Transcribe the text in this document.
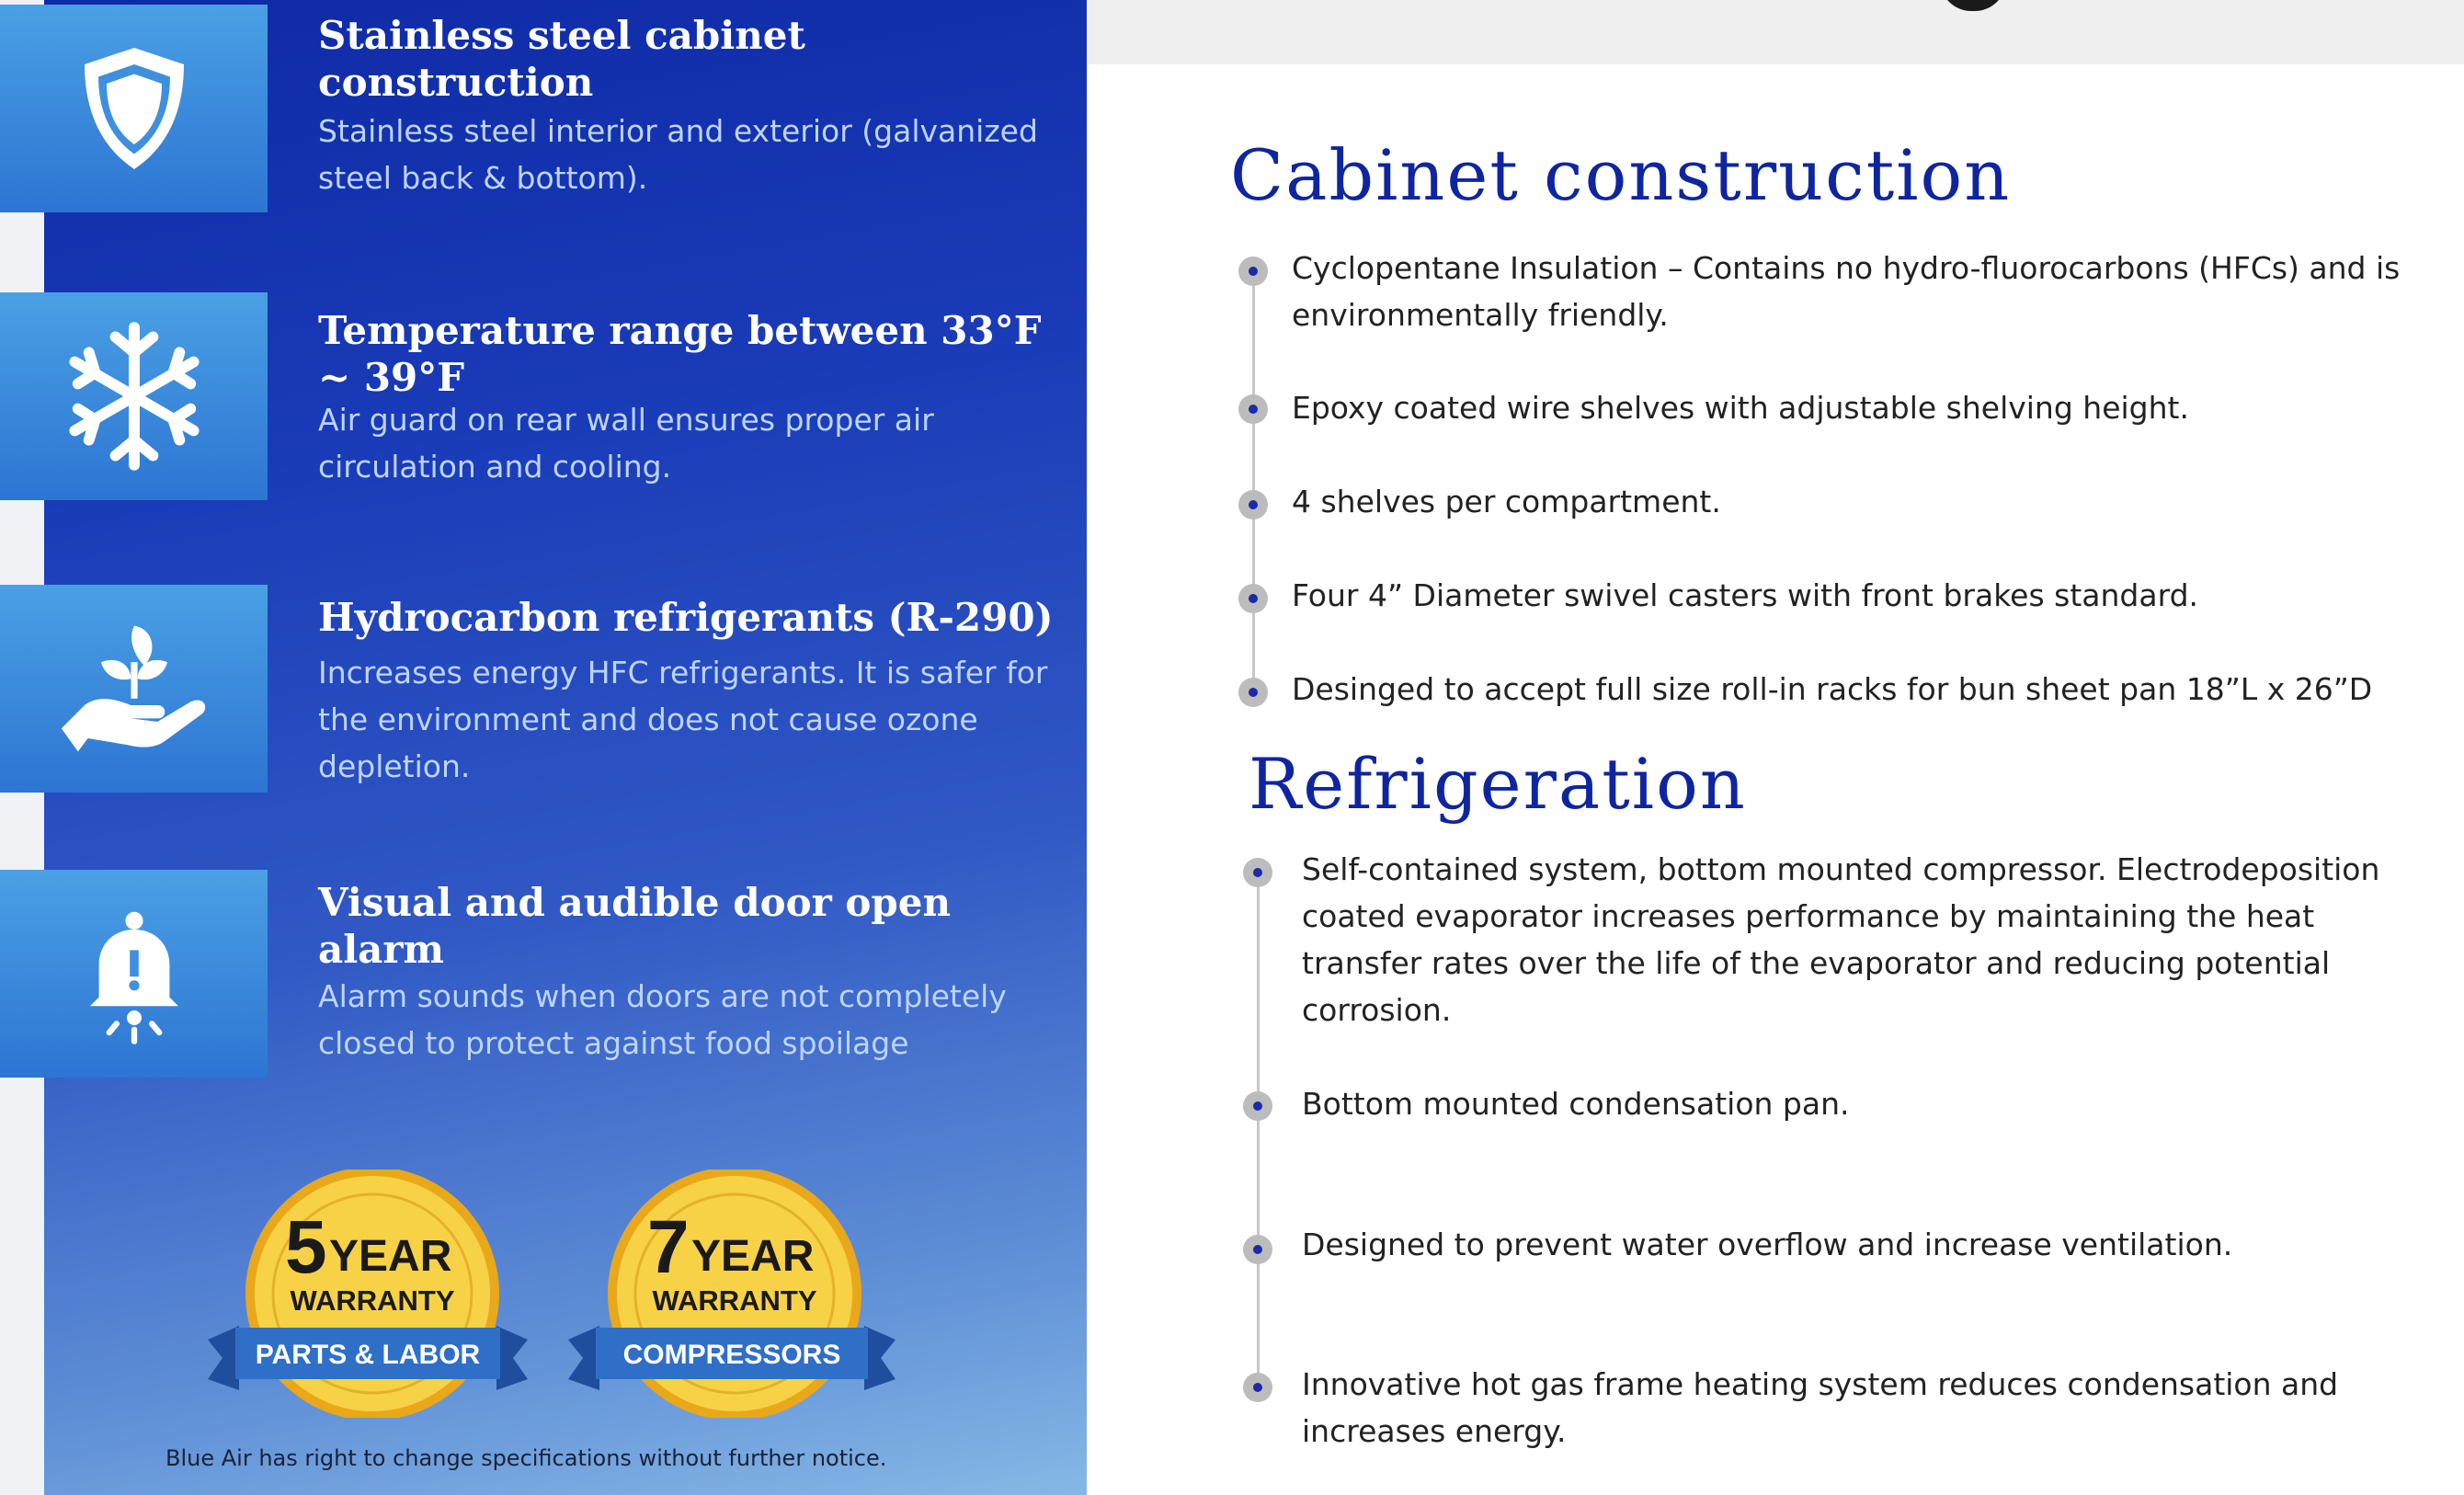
Stainless steel cabinet construction
Stainless steel interior and exterior (galvanized steel back & bottom).
Temperature range between 33°F ~ 39°F
Air guard on rear wall ensures proper air circulation and cooling.
Hydrocarbon refrigerants (R-290)
Increases energy HFC refrigerants. It is safer for the environment and does not cause ozone depletion.
Visual and audible door open alarm
Alarm sounds when doors are not completely closed to protect against food spoilage
5 YEAR
WARRANTY
PARTS & LABOR
7 YEAR
WARRANTY
COMPRESSORS
Blue Air has right to change specifications without further notice.
Cabinet construction
Cyclopentane Insulation – Contains no hydro-fluorocarbons (HFCs) and is environmentally friendly.
Epoxy coated wire shelves with adjustable shelving height.
4 shelves per compartment.
Four 4” Diameter swivel casters with front brakes standard.
Desinged to accept full size roll-in racks for bun sheet pan 18”L x 26”D
Refrigeration
Self-contained system, bottom mounted compressor. Electrodeposition coated evaporator increases performance by maintaining the heat transfer rates over the life of the evaporator and reducing potential corrosion.
Bottom mounted condensation pan.
Designed to prevent water overflow and increase ventilation.
Innovative hot gas frame heating system reduces condensation and increases energy.
